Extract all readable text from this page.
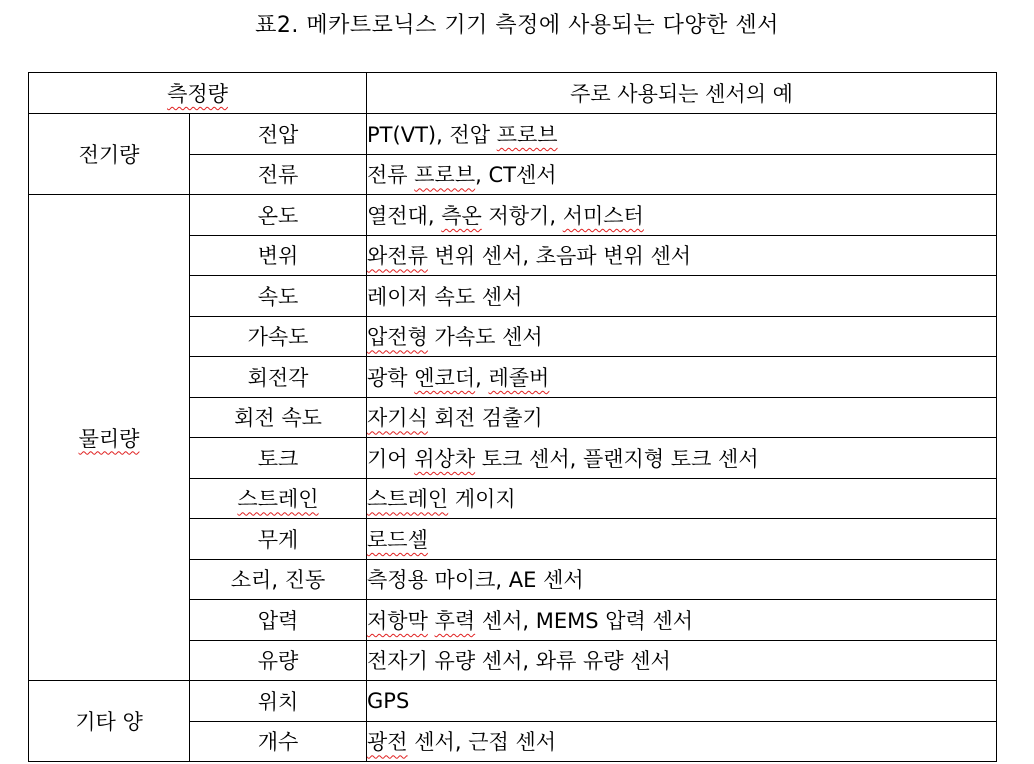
표2. 메카트로닉스 기기 측정에 사용되는 다양한 센서
측정량		주로 사용되는 센서의 예
전기량	전압	PT(VT), 전압 프로브
	전류	전류 프로브, CT센서
물리량	온도	열전대, 측온 저항기, 서미스터
	변위	와전류 변위 센서, 초음파 변위 센서
	속도	레이저 속도 센서
	가속도	압전형 가속도 센서
	회전각	광학 엔코더, 레졸버
	회전 속도	자기식 회전 검출기
	토크	기어 위상차 토크 센서, 플랜지형 토크 센서
	스트레인	스트레인 게이지
	무게	로드셀
	소리, 진동	측정용 마이크, AE 센서
	압력	저항막 후력 센서, MEMS 압력 센서
	유량	전자기 유량 센서, 와류 유량 센서
기타 양	위치	GPS
	개수	광전 센서, 근접 센서
